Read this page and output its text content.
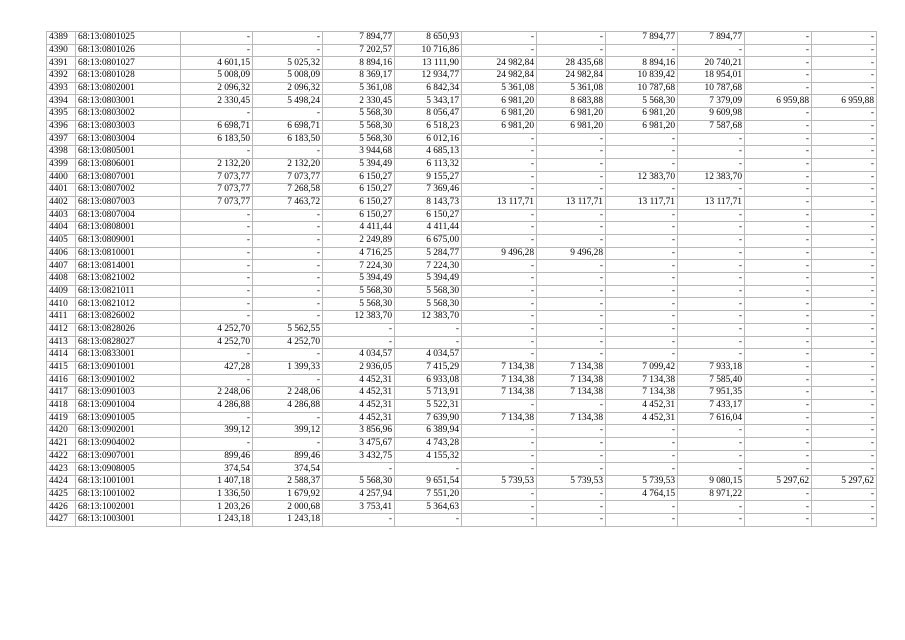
4389	68:13:0801025	-	-	7 894,77	8 650,93	-	-	7 894,77	7 894,77	-	-
4390	68:13:0801026	-	-	7 202,57	10 716,86	-	-	-	-	-	-
4391	68:13:0801027	4 601,15	5 025,32	8 894,16	13 111,90	24 982,84	28 435,68	8 894,16	20 740,21	-	-
4392	68:13:0801028	5 008,09	5 008,09	8 369,17	12 934,77	24 982,84	24 982,84	10 839,42	18 954,01	-	-
4393	68:13:0802001	2 096,32	2 096,32	5 361,08	6 842,34	5 361,08	5 361,08	10 787,68	10 787,68	-	-
4394	68:13:0803001	2 330,45	5 498,24	2 330,45	5 343,17	6 981,20	8 683,88	5 568,30	7 379,09	6 959,88	6 959,88
4395	68:13:0803002	-	-	5 568,30	8 056,47	6 981,20	6 981,20	6 981,20	9 609,98	-	-
4396	68:13:0803003	6 698,71	6 698,71	5 568,30	6 518,23	6 981,20	6 981,20	6 981,20	7 587,68	-	-
4397	68:13:0803004	6 183,50	6 183,50	5 568,30	6 012,16	-	-	-	-	-	-
4398	68:13:0805001	-	-	3 944,68	4 685,13	-	-	-	-	-	-
4399	68:13:0806001	2 132,20	2 132,20	5 394,49	6 113,32	-	-	-	-	-	-
4400	68:13:0807001	7 073,77	7 073,77	6 150,27	9 155,27	-	-	12 383,70	12 383,70	-	-
4401	68:13:0807002	7 073,77	7 268,58	6 150,27	7 369,46	-	-	-	-	-	-
4402	68:13:0807003	7 073,77	7 463,72	6 150,27	8 143,73	13 117,71	13 117,71	13 117,71	13 117,71	-	-
4403	68:13:0807004	-	-	6 150,27	6 150,27	-	-	-	-	-	-
4404	68:13:0808001	-	-	4 411,44	4 411,44	-	-	-	-	-	-
4405	68:13:0809001	-	-	2 249,89	6 675,00	-	-	-	-	-	-
4406	68:13:0810001	-	-	4 716,25	5 284,77	9 496,28	9 496,28	-	-	-	-
4407	68:13:0814001	-	-	7 224,30	7 224,30	-	-	-	-	-	-
4408	68:13:0821002	-	-	5 394,49	5 394,49	-	-	-	-	-	-
4409	68:13:0821011	-	-	5 568,30	5 568,30	-	-	-	-	-	-
4410	68:13:0821012	-	-	5 568,30	5 568,30	-	-	-	-	-	-
4411	68:13:0826002	-	-	12 383,70	12 383,70	-	-	-	-	-	-
4412	68:13:0828026	4 252,70	5 562,55	-	-	-	-	-	-	-	-
4413	68:13:0828027	4 252,70	4 252,70	-	-	-	-	-	-	-	-
4414	68:13:0833001	-	-	4 034,57	4 034,57	-	-	-	-	-	-
4415	68:13:0901001	427,28	1 399,33	2 936,05	7 415,29	7 134,38	7 134,38	7 099,42	7 933,18	-	-
4416	68:13:0901002	-	-	4 452,31	6 933,08	7 134,38	7 134,38	7 134,38	7 585,40	-	-
4417	68:13:0901003	2 248,06	2 248,06	4 452,31	5 713,91	7 134,38	7 134,38	7 134,38	7 951,35	-	-
4418	68:13:0901004	4 286,88	4 286,88	4 452,31	5 522,31	-	-	4 452,31	7 433,17	-	-
4419	68:13:0901005	-	-	4 452,31	7 639,90	7 134,38	7 134,38	4 452,31	7 616,04	-	-
4420	68:13:0902001	399,12	399,12	3 856,96	6 389,94	-	-	-	-	-	-
4421	68:13:0904002	-	-	3 475,67	4 743,28	-	-	-	-	-	-
4422	68:13:0907001	899,46	899,46	3 432,75	4 155,32	-	-	-	-	-	-
4423	68:13:0908005	374,54	374,54	-	-	-	-	-	-	-	-
4424	68:13:1001001	1 407,18	2 588,37	5 568,30	9 651,54	5 739,53	5 739,53	5 739,53	9 080,15	5 297,62	5 297,62
4425	68:13:1001002	1 336,50	1 679,92	4 257,94	7 551,20	-	-	4 764,15	8 971,22	-	-
4426	68:13:1002001	1 203,26	2 000,68	3 753,41	5 364,63	-	-	-	-	-	-
4427	68:13:1003001	1 243,18	1 243,18	-	-	-	-	-	-	-	-
